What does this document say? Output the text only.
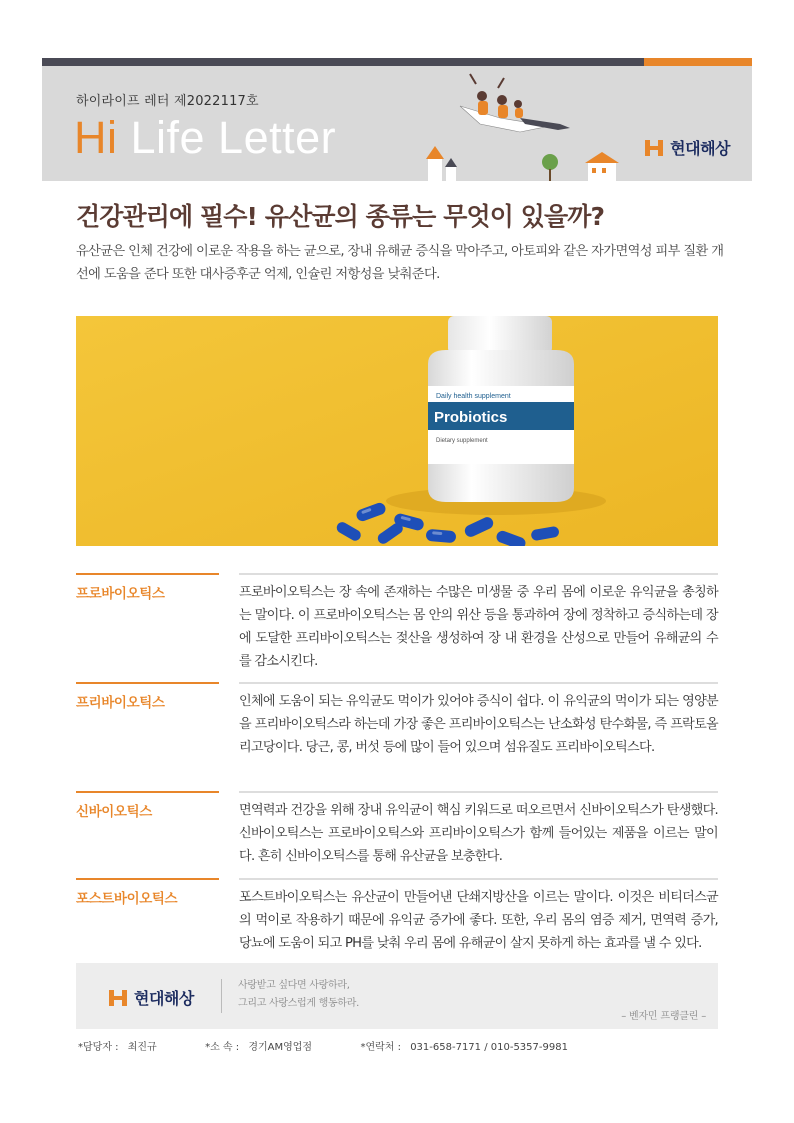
하이라이프 레터 제2022117호
Hi Life Letter	현대해상
건강관리에 필수! 유산균의 종류는 무엇이 있을까?
유산균은 인체 건강에 이로운 작용을 하는 균으로, 장내 유해균 증식을 막아주고, 아토피와 같은 자가면역성 피부 질환 개선에 도움을 준다 또한 대사증후군 억제, 인슐린 저항성을 낮춰준다.
Daily health supplement
Probiotics
Dietary supplement
프로바이오틱스	프로바이오틱스는 장 속에 존재하는 수많은 미생물 중 우리 몸에 이로운 유익균을 총칭하는 말이다. 이 프로바이오틱스는 몸 안의 위산 등을 통과하여 장에 정착하고 증식하는데 장에 도달한 프리바이오틱스는 젖산을 생성하여 장 내 환경을 산성으로 만들어 유해균의 수를 감소시킨다.
프리바이오틱스	인체에 도움이 되는 유익균도 먹이가 있어야 증식이 쉽다. 이 유익균의 먹이가 되는 영양분을 프리바이오틱스라 하는데 가장 좋은 프리바이오틱스는 난소화성 탄수화물, 즉 프락토올리고당이다. 당근, 콩, 버섯 등에 많이 들어 있으며 섬유질도 프리바이오틱스다.
신바이오틱스	면역력과 건강을 위해 장내 유익균이 핵심 키워드로 떠오르면서 신바이오틱스가 탄생했다. 신바이오틱스는 프로바이오틱스와 프리바이오틱스가 함께 들어있는 제품을 이르는 말이다. 흔히 신바이오틱스를 통해 유산균을 보충한다.
포스트바이오틱스	포스트바이오틱스는 유산균이 만들어낸 단쇄지방산을 이르는 말이다. 이것은 비티더스균의 먹이로 작용하기 때문에 유익균 증가에 좋다. 또한, 우리 몸의 염증 제거, 면역력 증가, 당뇨에 도움이 되고 PH를 낮춰 우리 몸에 유해균이 살지 못하게 하는 효과를 낼 수 있다.
현대해상
사랑받고 싶다면 사랑하라,
그리고 사랑스럽게 행동하라.
– 벤자민 프랭클린 –
*담당자 : 최진규	*소 속 : 경기AM영업점	*연락처 : 031-658-7171 / 010-5357-9981
